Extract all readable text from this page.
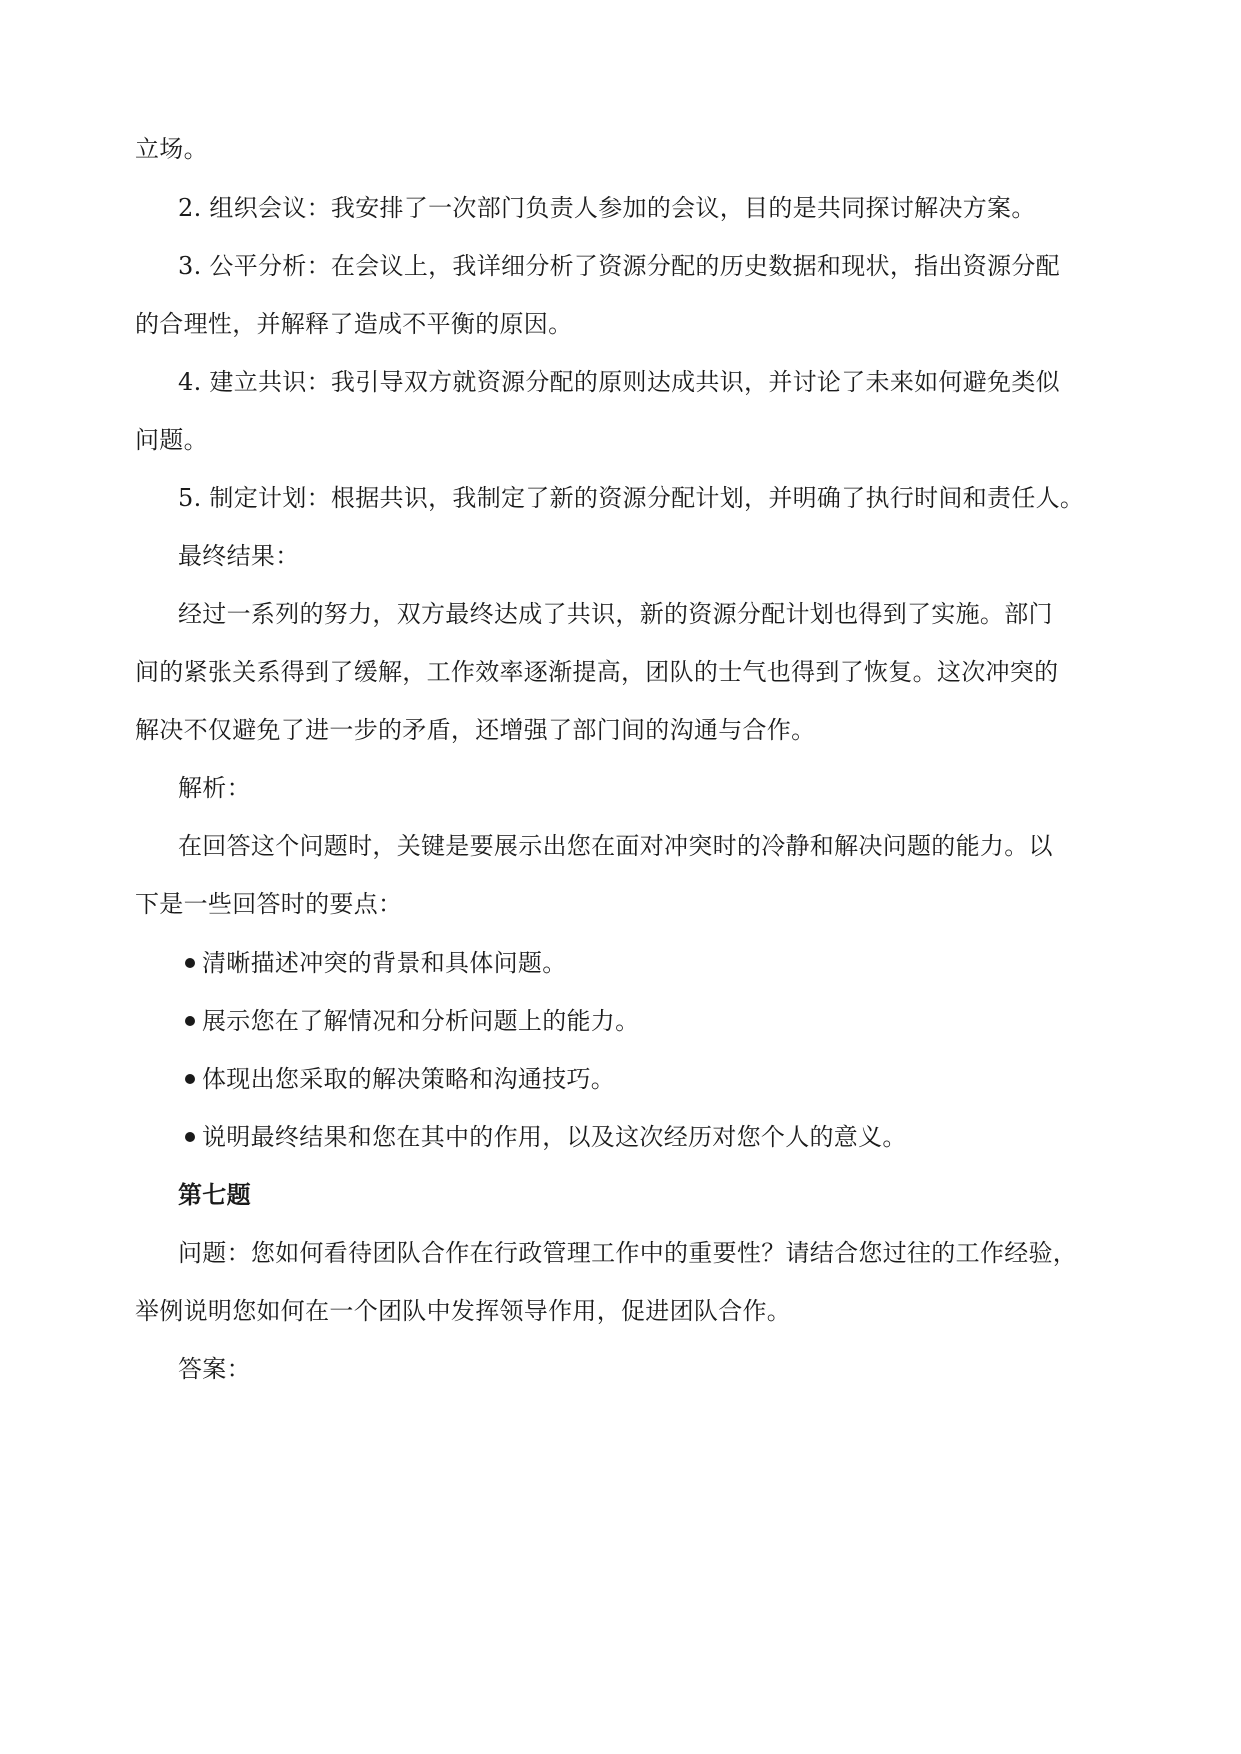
立场。
2. 组织会议：我安排了一次部门负责人参加的会议，目的是共同探讨解决方案。
3. 公平分析：在会议上，我详细分析了资源分配的历史数据和现状，指出资源分配
的合理性，并解释了造成不平衡的原因。
4. 建立共识：我引导双方就资源分配的原则达成共识，并讨论了未来如何避免类似
问题。
5. 制定计划：根据共识，我制定了新的资源分配计划，并明确了执行时间和责任人。
最终结果：
经过一系列的努力，双方最终达成了共识，新的资源分配计划也得到了实施。部门
间的紧张关系得到了缓解，工作效率逐渐提高，团队的士气也得到了恢复。这次冲突的
解决不仅避免了进一步的矛盾，还增强了部门间的沟通与合作。
解析：
在回答这个问题时，关键是要展示出您在面对冲突时的冷静和解决问题的能力。以
下是一些回答时的要点：
清晰描述冲突的背景和具体问题。
展示您在了解情况和分析问题上的能力。
体现出您采取的解决策略和沟通技巧。
说明最终结果和您在其中的作用，以及这次经历对您个人的意义。
第七题
问题：您如何看待团队合作在行政管理工作中的重要性？请结合您过往的工作经验，
举例说明您如何在一个团队中发挥领导作用，促进团队合作。
答案：
